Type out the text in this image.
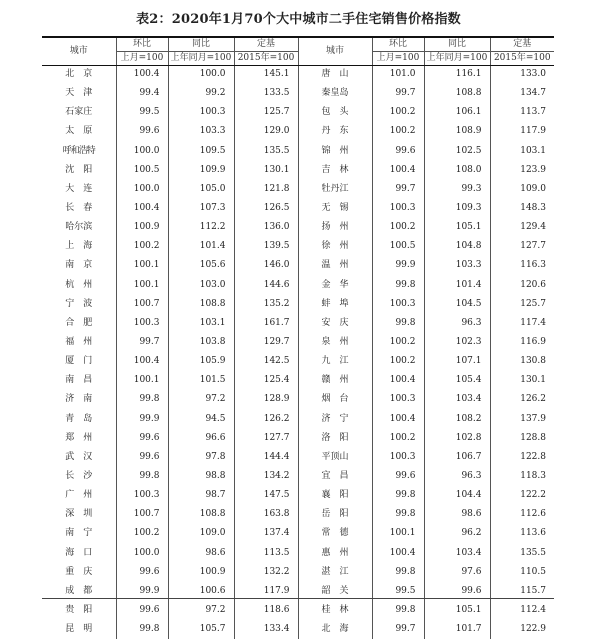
表2：2020年1月70个大中城市二手住宅销售价格指数
城市	环比	同比	定基	城市	环比	同比	定基
	上月=100	上年同月=100	2015年=100		上月=100	上年同月=100	2015年=100
北京	100.4	100.0	145.1	唐山	101.0	116.1	133.0
天津	99.4	99.2	133.5	秦皇岛	99.7	108.8	134.7
石家庄	99.5	100.3	125.7	包头	100.2	106.1	113.7
太原	99.6	103.3	129.0	丹东	100.2	108.9	117.9
呼和浩特	100.0	109.5	135.5	锦州	99.6	102.5	103.1
沈阳	100.5	109.9	130.1	吉林	100.4	108.0	123.9
大连	100.0	105.0	121.8	牡丹江	99.7	99.3	109.0
长春	100.4	107.3	126.5	无锡	100.3	109.3	148.3
哈尔滨	100.9	112.2	136.0	扬州	100.2	105.1	129.4
上海	100.2	101.4	139.5	徐州	100.5	104.8	127.7
南京	100.1	105.6	146.0	温州	99.9	103.3	116.3
杭州	100.1	103.0	144.6	金华	99.8	101.4	120.6
宁波	100.7	108.8	135.2	蚌埠	100.3	104.5	125.7
合肥	100.3	103.1	161.7	安庆	99.8	96.3	117.4
福州	99.7	103.8	129.7	泉州	100.2	102.3	116.9
厦门	100.4	105.9	142.5	九江	100.2	107.1	130.8
南昌	100.1	101.5	125.4	赣州	100.4	105.4	130.1
济南	99.8	97.2	128.9	烟台	100.3	103.4	126.2
青岛	99.9	94.5	126.2	济宁	100.4	108.2	137.9
郑州	99.6	96.6	127.7	洛阳	100.2	102.8	128.8
武汉	99.6	97.8	144.4	平顶山	100.3	106.7	122.8
长沙	99.8	98.8	134.2	宜昌	99.6	96.3	118.3
广州	100.3	98.7	147.5	襄阳	99.8	104.4	122.2
深圳	100.7	108.8	163.8	岳阳	99.8	98.6	112.6
南宁	100.2	109.0	137.4	常德	100.1	96.2	113.6
海口	100.0	98.6	113.5	惠州	100.4	103.4	135.5
重庆	99.6	100.9	132.2	湛江	99.8	97.6	110.5
成都	99.9	100.6	117.9	韶关	99.5	99.6	115.7
贵阳	99.6	97.2	118.6	桂林	99.8	105.1	112.4
昆明	99.8	105.7	133.4	北海	99.7	101.7	122.9
